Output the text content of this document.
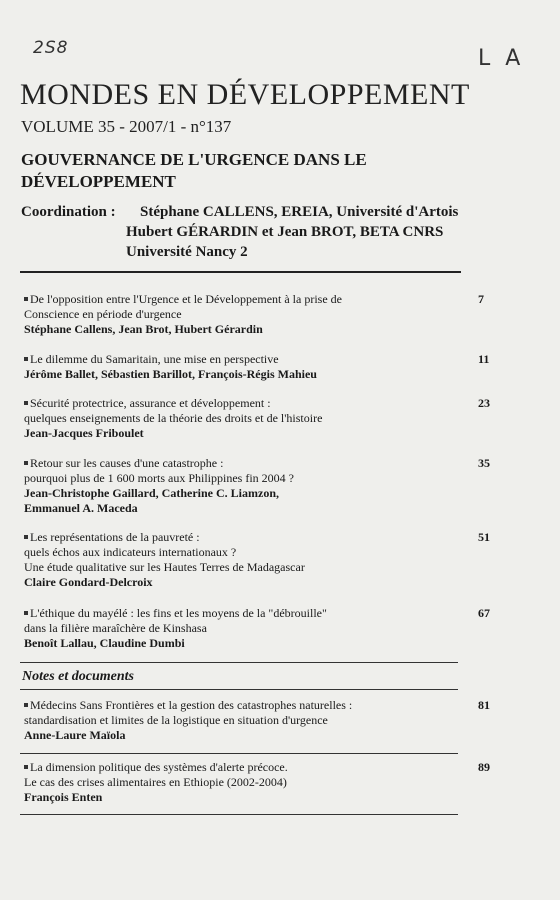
2S8	L A
MONDES EN DÉVELOPPEMENT
VOLUME 35 - 2007/1 - n°137
GOUVERNANCE DE L'URGENCE DANS LE DÉVELOPPEMENT
Coordination : Stéphane CALLENS, EREIA, Université d'Artois
Hubert GÉRARDIN et Jean BROT, BETA CNRS
Université Nancy 2
De l'opposition entre l'Urgence et le Développement à la prise de
Conscience en période d'urgence
Stéphane Callens, Jean Brot, Hubert Gérardin
7
Le dilemme du Samaritain, une mise en perspective
Jérôme Ballet, Sébastien Barillot, François-Régis Mahieu
11
Sécurité protectrice, assurance et développement :
quelques enseignements de la théorie des droits et de l'histoire
Jean-Jacques Friboulet
23
Retour sur les causes d'une catastrophe :
pourquoi plus de 1 600 morts aux Philippines fin 2004 ?
Jean-Christophe Gaillard, Catherine C. Liamzon,
Emmanuel A. Maceda
35
Les représentations de la pauvreté :
quels échos aux indicateurs internationaux ?
Une étude qualitative sur les Hautes Terres de Madagascar
Claire Gondard-Delcroix
51
L'éthique du mayélé : les fins et les moyens de la "débrouille"
dans la filière maraîchère de Kinshasa
Benoît Lallau, Claudine Dumbi
67
Notes et documents
Médecins Sans Frontières et la gestion des catastrophes naturelles :
standardisation et limites de la logistique en situation d'urgence
Anne-Laure Maïola
81
La dimension politique des systèmes d'alerte précoce.
Le cas des crises alimentaires en Ethiopie (2002-2004)
François Enten
89
